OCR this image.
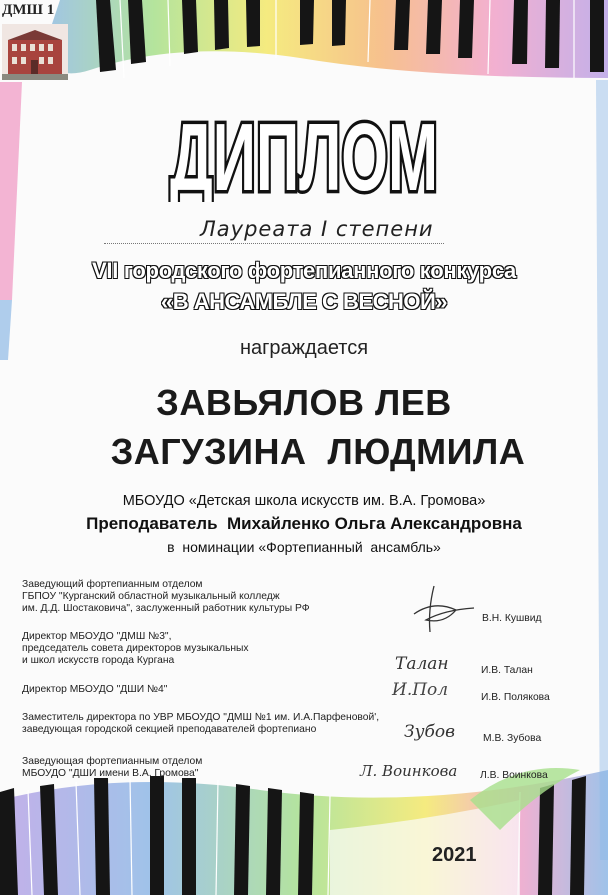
ДМШ 1
ДИПЛОМ
Лауреата I степени
VII городского фортепианного конкурса
«В АНСАМБЛЕ С ВЕСНОЙ»
награждается
ЗАВЬЯЛОВ ЛЕВ
ЗАГУЗИНА  ЛЮДМИЛА
МБОУДО «Детская школа искусств им. В.А. Громова»
Преподаватель  Михайленко Ольга Александровна
в  номинации «Фортепианный  ансамбль»
Заведующий фортепианным отделом
ГБПОУ "Курганский областной музыкальный колледж
им. Д.Д. Шостаковича", заслуженный работник культуры РФ
В.Н. Кушвид
Директор МБОУДО "ДМШ №3",
председатель совета директоров музыкальных
и школ искусств города Кургана	Талан	И.В. Талан
Директор МБОУДО "ДШИ №4"	И.Пол	И.В. Полякова
Заместитель директора по УВР МБОУДО "ДМШ №1 им. И.А.Парфеновой',
заведующая городской секцией преподавателей фортепиано	Зубов	М.В. Зубова
Заведующая фортепианным отделом
МБОУДО "ДШИ имени В.А. Громова"	Л. Воинкова Л.В. Воинкова
2021
